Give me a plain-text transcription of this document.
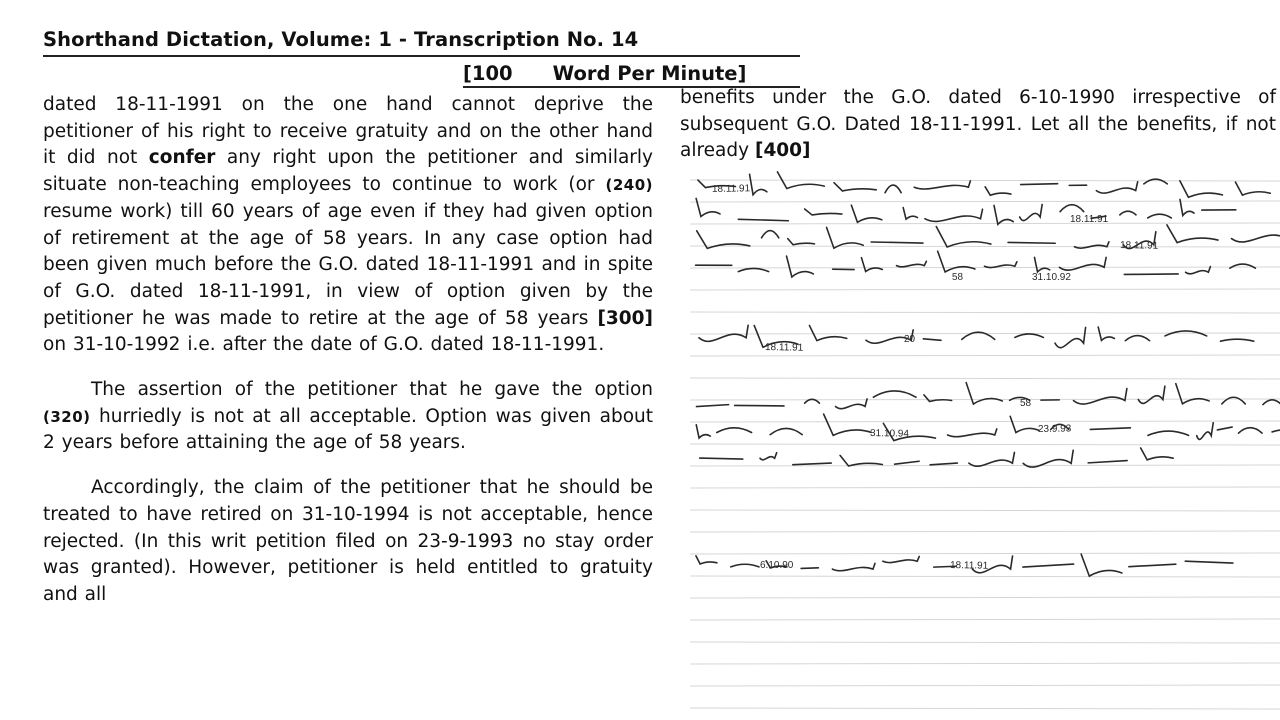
Shorthand Dictation, Volume: 1 - Transcription No. 14
[100 Word Per Minute]

dated 18-11-1991 on the one hand cannot deprive the petitioner of his right to receive gratuity and on the other hand it did not confer any right upon the petitioner and similarly situate non-teaching employees to continue to work (or (240) resume work) till 60 years of age even if they had given option of retirement at the age of 58 years. In any case option had been given much before the G.O. dated 18-11-1991 and in spite of G.O. dated 18-11-1991, in view of option given by the petitioner he was made to retire at the age of 58 years [300] on 31-10-1992 i.e. after the date of G.O. dated 18-11-1991.

The assertion of the petitioner that he gave the option (320) hurriedly is not at all acceptable. Option was given about 2 years before attaining the age of 58 years.

Accordingly, the claim of the petitioner that he should be treated to have retired on 31-10-1994 is not acceptable, hence rejected. (In this writ petition filed on 23-9-1993 no stay order was granted). However, petitioner is held entitled to gratuity and all

benefits under the G.O. dated 6-10-1990 irrespective of subsequent G.O. Dated 18-11-1991. Let all the benefits, if not already [400]

18.11.91
18.11.91
18.11.91
58	31.10.92
18.11.91
20
58
31.10.94	23.9.93
6.10.90	18.11.91
